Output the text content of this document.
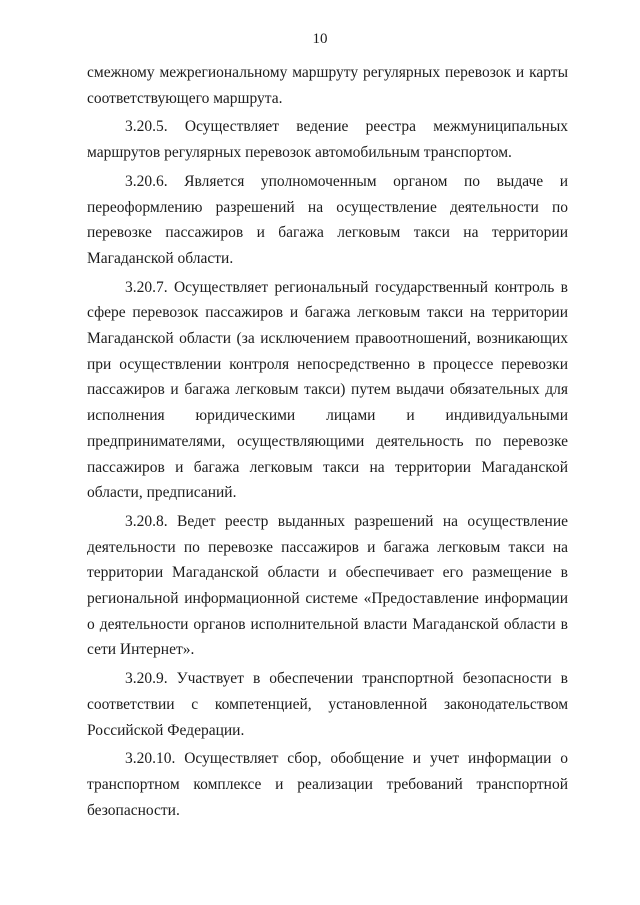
10

смежному межрегиональному маршруту регулярных перевозок и карты соответствующего маршрута.

3.20.5. Осуществляет ведение реестра межмуниципальных маршрутов регулярных перевозок автомобильным транспортом.

3.20.6. Является уполномоченным органом по выдаче и переоформлению разрешений на осуществление деятельности по перевозке пассажиров и багажа легковым такси на территории Магаданской области.

3.20.7. Осуществляет региональный государственный контроль в сфере перевозок пассажиров и багажа легковым такси на территории Магаданской области (за исключением правоотношений, возникающих при осуществлении контроля непосредственно в процессе перевозки пассажиров и багажа легковым такси) путем выдачи обязательных для исполнения юридическими лицами и индивидуальными предпринимателями, осуществляющими деятельность по перевозке пассажиров и багажа легковым такси на территории Магаданской области, предписаний.

3.20.8. Ведет реестр выданных разрешений на осуществление деятельности по перевозке пассажиров и багажа легковым такси на территории Магаданской области и обеспечивает его размещение в региональной информационной системе «Предоставление информации о деятельности органов исполнительной власти Магаданской области в сети Интернет».

3.20.9. Участвует в обеспечении транспортной безопасности в соответствии с компетенцией, установленной законодательством Российской Федерации.

3.20.10. Осуществляет сбор, обобщение и учет информации о транспортном комплексе и реализации требований транспортной безопасности.
